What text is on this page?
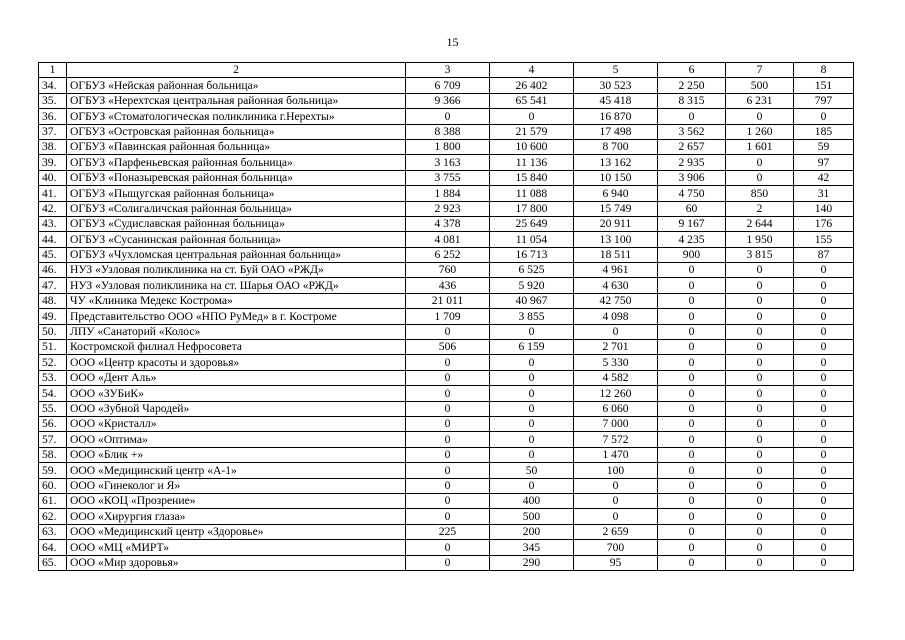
15
1	2	3	4	5	6	7	8
34.	ОГБУЗ «Нейская районная больница»	6 709	26 402	30 523	2 250	500	151
35.	ОГБУЗ «Нерехтская центральная районная больница»	9 366	65 541	45 418	8 315	6 231	797
36.	ОГБУЗ «Стоматологическая поликлиника г.Нерехты»	0	0	16 870	0	0	0
37.	ОГБУЗ «Островская районная больница»	8 388	21 579	17 498	3 562	1 260	185
38.	ОГБУЗ «Павинская районная больница»	1 800	10 600	8 700	2 657	1 601	59
39.	ОГБУЗ «Парфеньевская районная больница»	3 163	11 136	13 162	2 935	0	97
40.	ОГБУЗ «Поназыревская районная больница»	3 755	15 840	10 150	3 906	0	42
41.	ОГБУЗ «Пыщугская районная больница»	1 884	11 088	6 940	4 750	850	31
42.	ОГБУЗ «Солигаличская районная больница»	2 923	17 800	15 749	60	2	140
43.	ОГБУЗ «Судиславская районная больница»	4 378	25 649	20 911	9 167	2 644	176
44.	ОГБУЗ «Сусанинская районная больница»	4 081	11 054	13 100	4 235	1 950	155
45.	ОГБУЗ «Чухломская центральная районная больница»	6 252	16 713	18 511	900	3 815	87
46.	НУЗ «Узловая поликлиника на ст. Буй ОАО «РЖД»	760	6 525	4 961	0	0	0
47.	НУЗ «Узловая поликлиника на ст. Шарья ОАО «РЖД»	436	5 920	4 630	0	0	0
48.	ЧУ «Клиника Медекс Кострома»	21 011	40 967	42 750	0	0	0
49.	Представительство ООО «НПО РуМед» в г. Костроме	1 709	3 855	4 098	0	0	0
50.	ЛПУ «Санаторий «Колос»	0	0	0	0	0	0
51.	Костромской филиал Нефросовета	506	6 159	2 701	0	0	0
52.	ООО «Центр красоты и здоровья»	0	0	5 330	0	0	0
53.	ООО «Дент Аль»	0	0	4 582	0	0	0
54.	ООО «ЗУБиК»	0	0	12 260	0	0	0
55.	ООО «Зубной Чародей»	0	0	6 060	0	0	0
56.	ООО «Кристалл»	0	0	7 000	0	0	0
57.	ООО «Оптима»	0	0	7 572	0	0	0
58.	ООО «Блик +»	0	0	1 470	0	0	0
59.	ООО «Медицинский центр «А-1»	0	50	100	0	0	0
60.	ООО «Гинеколог и Я»	0	0	0	0	0	0
61.	ООО «КОЦ «Прозрение»	0	400	0	0	0	0
62.	ООО «Хирургия глаза»	0	500	0	0	0	0
63.	ООО «Медицинский центр «Здоровье»	225	200	2 659	0	0	0
64.	ООО «МЦ «МИРТ»	0	345	700	0	0	0
65.	ООО «Мир здоровья»	0	290	95	0	0	0
